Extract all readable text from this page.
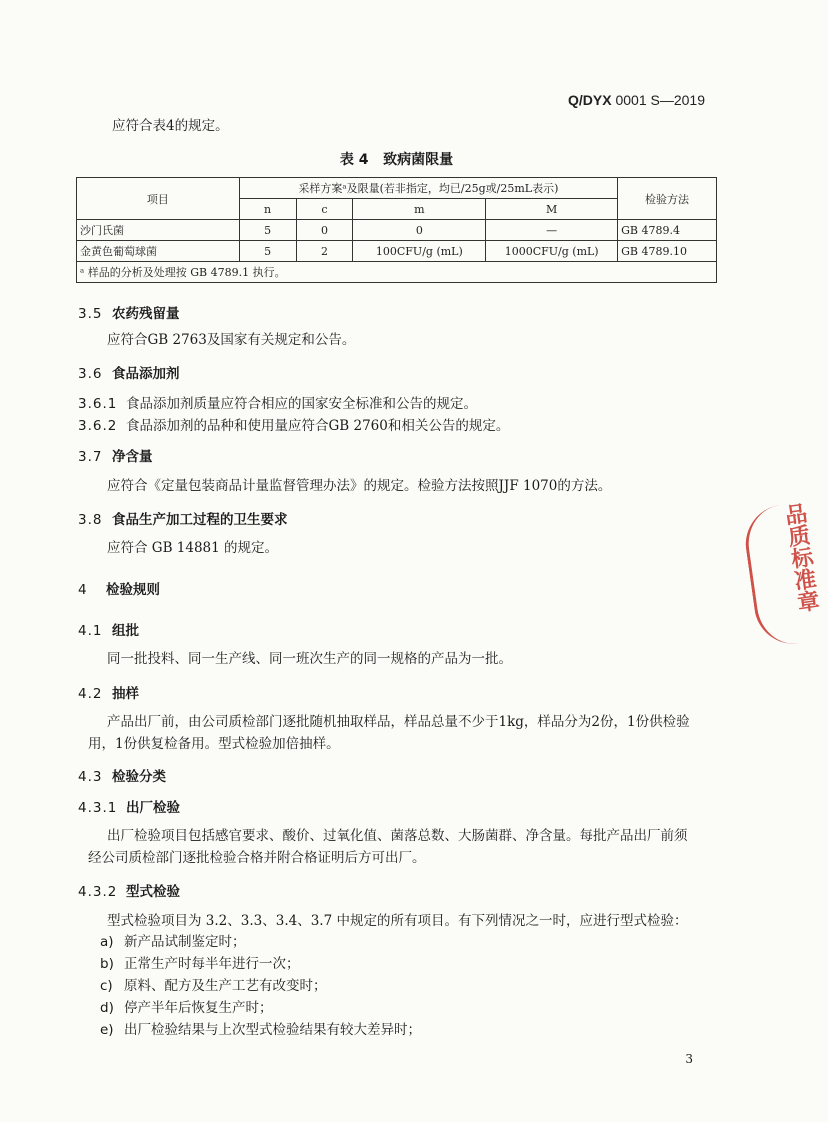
Q/DYX 0001 S—2019
应符合表4的规定。
表 4   致病菌限量
项目	采样方案ᵃ及限量(若非指定，均已/25g或/25mL表示)				检验方法
	n	c	m	M	
沙门氏菌	5	0	0	—	GB 4789.4
金黄色葡萄球菌	5	2	100CFU/g (mL)	1000CFU/g (mL)	GB 4789.10
ᵃ 样品的分析及处理按 GB 4789.1 执行。					
3.5 农药残留量
应符合GB 2763及国家有关规定和公告。
3.6 食品添加剂
3.6.1 食品添加剂质量应符合相应的国家安全标准和公告的规定。
3.6.2 食品添加剂的品种和使用量应符合GB 2760和相关公告的规定。
3.7 净含量
应符合《定量包装商品计量监督管理办法》的规定。检验方法按照JJF 1070的方法。
3.8 食品生产加工过程的卫生要求
应符合 GB 14881 的规定。
4 检验规则
4.1 组批
同一批投料、同一生产线、同一班次生产的同一规格的产品为一批。
4.2 抽样
产品出厂前，由公司质检部门逐批随机抽取样品，样品总量不少于1kg，样品分为2份，1份供检验
用，1份供复检备用。型式检验加倍抽样。
4.3 检验分类
4.3.1 出厂检验
出厂检验项目包括感官要求、酸价、过氧化值、菌落总数、大肠菌群、净含量。每批产品出厂前须
经公司质检部门逐批检验合格并附合格证明后方可出厂。
4.3.2 型式检验
型式检验项目为 3.2、3.3、3.4、3.7 中规定的所有项目。有下列情况之一时，应进行型式检验：
a) 新产品试制鉴定时；
b) 正常生产时每半年进行一次；
c) 原料、配方及生产工艺有改变时；
d) 停产半年后恢复生产时；
e) 出厂检验结果与上次型式检验结果有较大差异时；
品质标准章
3
